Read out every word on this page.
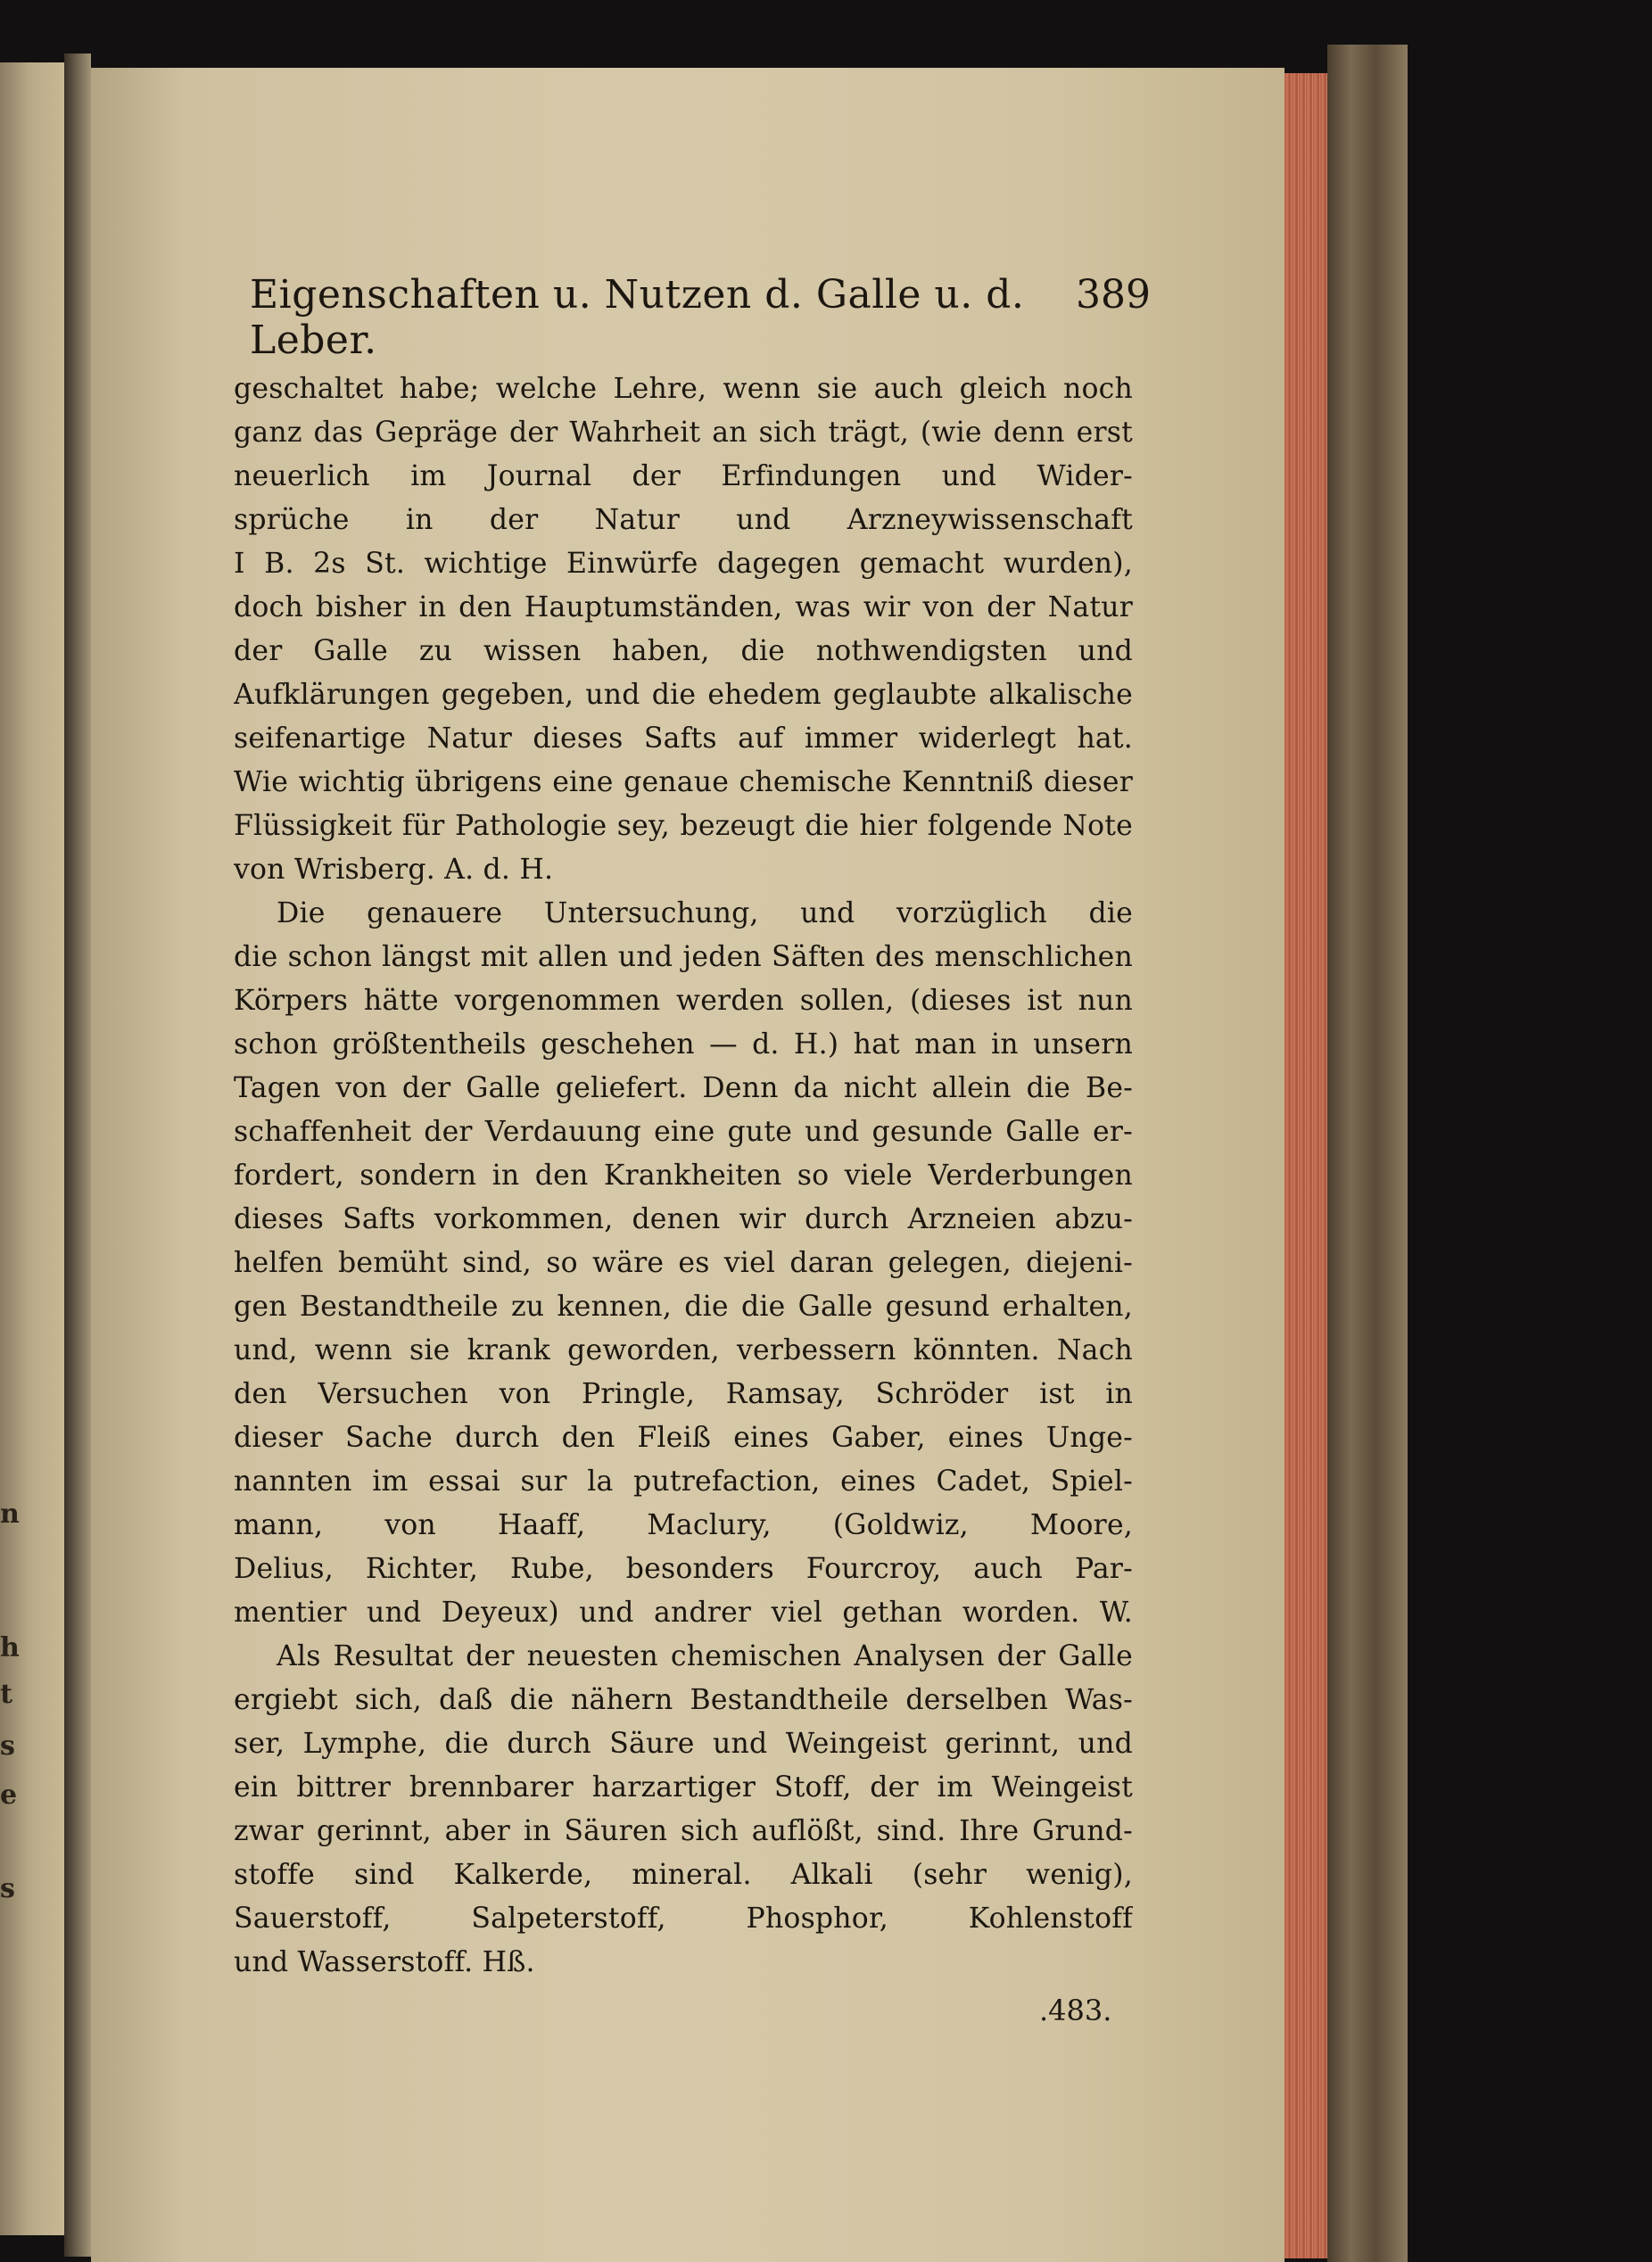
n
h
t
s
e
s
Eigenschaften u. Nutzen d. Galle u. d. Leber.
389
geschaltet habe; welche Lehre, wenn sie auch gleich noch
ganz das Gepräge der Wahrheit an sich trägt, (wie denn erst
neuerlich im Journal der Erfindungen und Wider-
sprüche in der Natur und Arzneywissenschaft
I B. 2s St. wichtige Einwürfe dagegen gemacht wurden),
doch bisher in den Hauptumständen, was wir von der Natur
der Galle zu wissen haben, die nothwendigsten und
Aufklärungen gegeben, und die ehedem geglaubte alkalische
seifenartige Natur dieses Safts auf immer widerlegt hat.
Wie wichtig übrigens eine genaue chemische Kenntniß dieser
Flüssigkeit für Pathologie sey, bezeugt die hier folgende Note
von Wrisberg. A. d. H.
Die genauere Untersuchung, und vorzüglich die
die schon längst mit allen und jeden Säften des menschlichen
Körpers hätte vorgenommen werden sollen, (dieses ist nun
schon größtentheils geschehen — d. H.) hat man in unsern
Tagen von der Galle geliefert. Denn da nicht allein die Be-
schaffenheit der Verdauung eine gute und gesunde Galle er-
fordert, sondern in den Krankheiten so viele Verderbungen
dieses Safts vorkommen, denen wir durch Arzneien abzu-
helfen bemüht sind, so wäre es viel daran gelegen, diejeni-
gen Bestandtheile zu kennen, die die Galle gesund erhalten,
und, wenn sie krank geworden, verbessern könnten. Nach
den Versuchen von Pringle, Ramsay, Schröder ist in
dieser Sache durch den Fleiß eines Gaber, eines Unge-
nannten im essai sur la putrefaction, eines Cadet, Spiel-
mann, von Haaff, Maclury, (Goldwiz, Moore,
Delius, Richter, Rube, besonders Fourcroy, auch Par-
mentier und Deyeux) und andrer viel gethan worden. W.
Als Resultat der neuesten chemischen Analysen der Galle
ergiebt sich, daß die nähern Bestandtheile derselben Was-
ser, Lymphe, die durch Säure und Weingeist gerinnt, und
ein bittrer brennbarer harzartiger Stoff, der im Weingeist
zwar gerinnt, aber in Säuren sich auflößt, sind. Ihre Grund-
stoffe sind Kalkerde, mineral. Alkali (sehr wenig),
Sauerstoff, Salpeterstoff, Phosphor, Kohlenstoff
und Wasserstoff. Hß.
.483.
